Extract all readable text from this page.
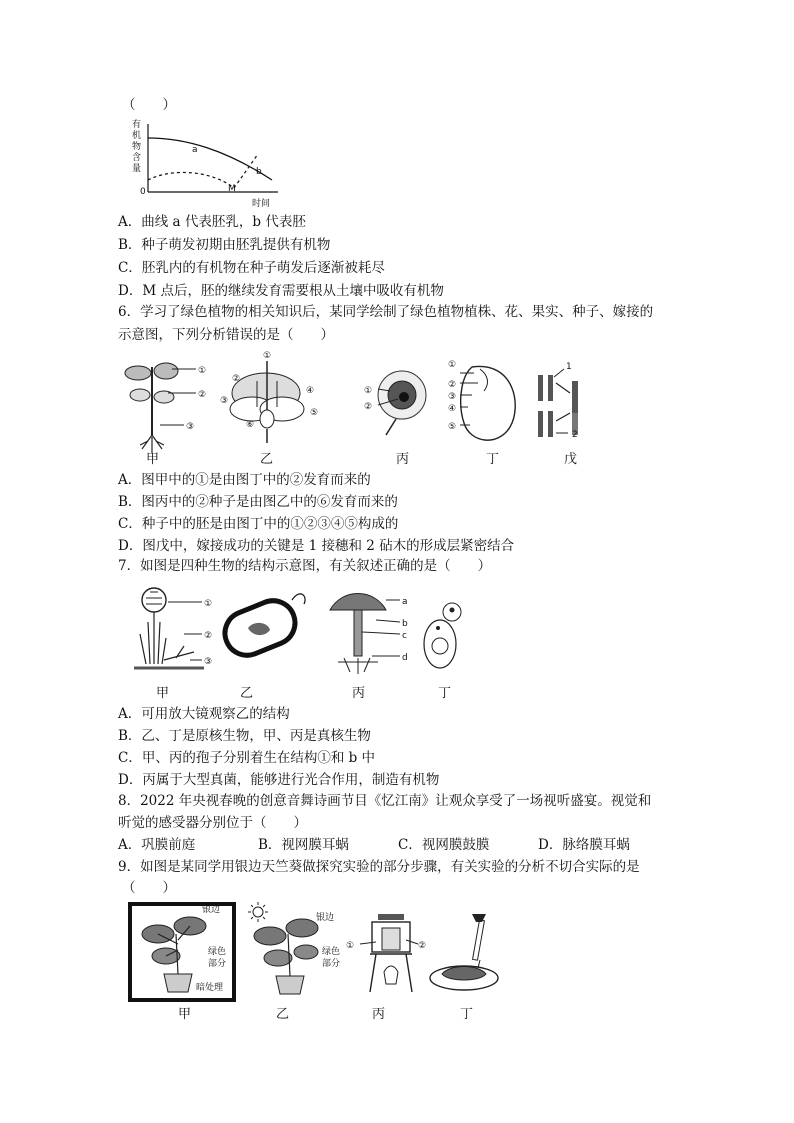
（　　）
有
机
物
含
量
0
a
b
M
时间
A．曲线 a 代表胚乳，b 代表胚
B．种子萌发初期由胚乳提供有机物
C．胚乳内的有机物在种子萌发后逐渐被耗尽
D．M 点后，胚的继续发育需要根从土壤中吸收有机物
6．学习了绿色植物的相关知识后，某同学绘制了绿色植物植株、花、果实、种子、嫁接的
示意图，下列分析错误的是（　　）
①
②
③
①
②
③
④
⑤
⑥
①
②
①
②
③
④
⑤
1
2
甲	乙	丙	丁	戊
A．图甲中的①是由图丁中的②发育而来的
B．图丙中的②种子是由图乙中的⑥发育而来的
C．种子中的胚是由图丁中的①②③④⑤构成的
D．图戊中，嫁接成功的关键是 1 接穗和 2 砧木的形成层紧密结合
7．如图是四种生物的结构示意图，有关叙述正确的是（　　）
①
②
③
a
b
c
d
甲	乙	丙	丁
A．可用放大镜观察乙的结构
B．乙、丁是原核生物，甲、丙是真核生物
C．甲、丙的孢子分别着生在结构①和 b 中
D．丙属于大型真菌，能够进行光合作用，制造有机物
8．2022 年央视春晚的创意音舞诗画节目《忆江南》让观众享受了一场视听盛宴。视觉和
听觉的感受器分别位于（　　）
A．巩膜前庭	B．视网膜耳蜗	C．视网膜鼓膜	D．脉络膜耳蜗
9．如图是某同学用银边天竺葵做探究实验的部分步骤，有关实验的分析不切合实际的是
（　　）
银边
绿色
部分
暗处理
银边
绿色
部分
①	②
甲	乙	丙	丁
